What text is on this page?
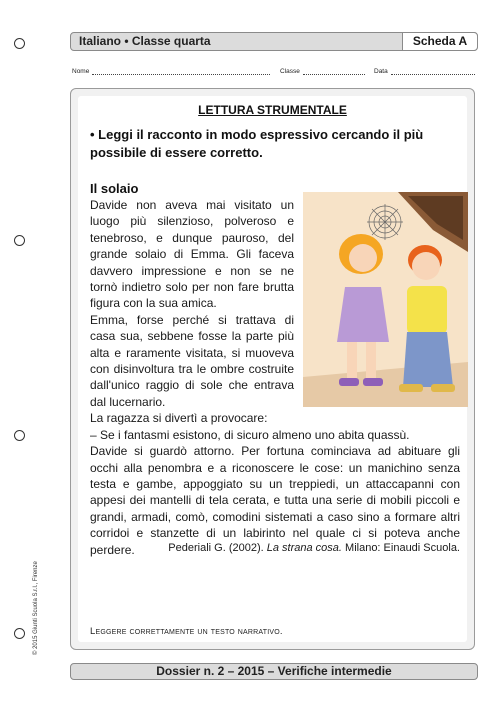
Italiano • Classe quarta	Scheda A
Nome	Classe	Data
LETTURA STRUMENTALE
• Leggi il racconto in modo espressivo cercando il più possibile di essere corretto.
Il solaio

Davide non aveva mai visitato un luogo più silenzioso, polveroso e tenebroso, e dunque pauroso, del grande solaio di Emma. Gli faceva davvero impressione e non se ne tornò indietro solo per non fare brutta figura con la sua amica.

Emma, forse perché si trattava di casa sua, sebbene fosse la parte più alta e raramente visitata, si muoveva con disinvoltura tra le ombre costruite dall'unico raggio di sole che entrava dal lucernario.

La ragazza si divertì a provocare:

– Se i fantasmi esistono, di sicuro almeno uno abita quassù.

Davide si guardò attorno. Per fortuna cominciava ad abituare gli occhi alla penombra e a riconoscere le cose: un manichino senza testa e gambe, appoggiato su un treppiedi, un attaccapanni con appesi dei mantelli di tela cerata, e tutta una serie di mobili piccoli e grandi, armadi, comò, comodini sistemati a caso sino a formare altri corridoi e stanzette di un labirinto nel quale ci si poteva anche perdere.	Pederiali G. (2002). La strana cosa. Milano: Einaudi Scuola.
Leggere correttamente un testo narrativo.
Dossier n. 2 – 2015 – Verifiche intermedie
© 2015 Giunti Scuola S.r.l., Firenze
